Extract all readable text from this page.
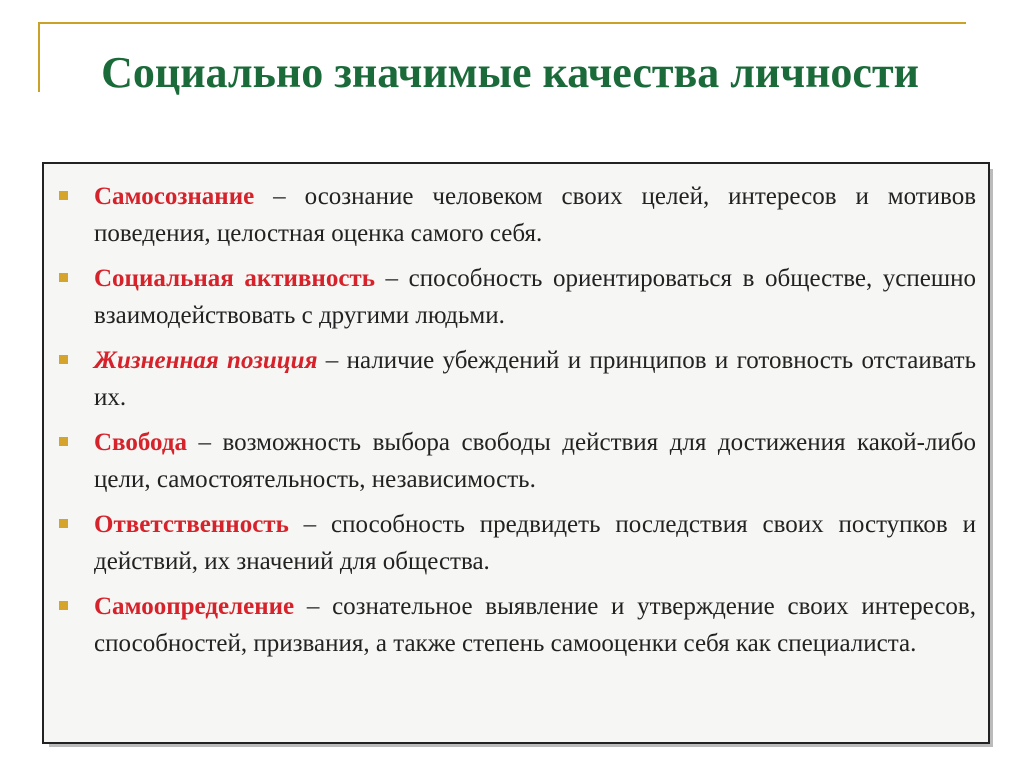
Социально значимые качества личности
Самосознание – осознание человеком своих целей, интересов и мотивов поведения, целостная оценка самого себя.
Социальная активность – способность ориентироваться в обществе, успешно взаимодействовать с другими людьми.
Жизненная позиция – наличие убеждений и принципов и готовность отстаивать их.
Свобода – возможность выбора свободы действия для достижения какой-либо цели, самостоятельность, независимость.
Ответственность – способность предвидеть последствия своих поступков и действий, их значений для общества.
Самоопределение – сознательное выявление и утверждение своих интересов, способностей, призвания, а также степень самооценки себя как специалиста.
